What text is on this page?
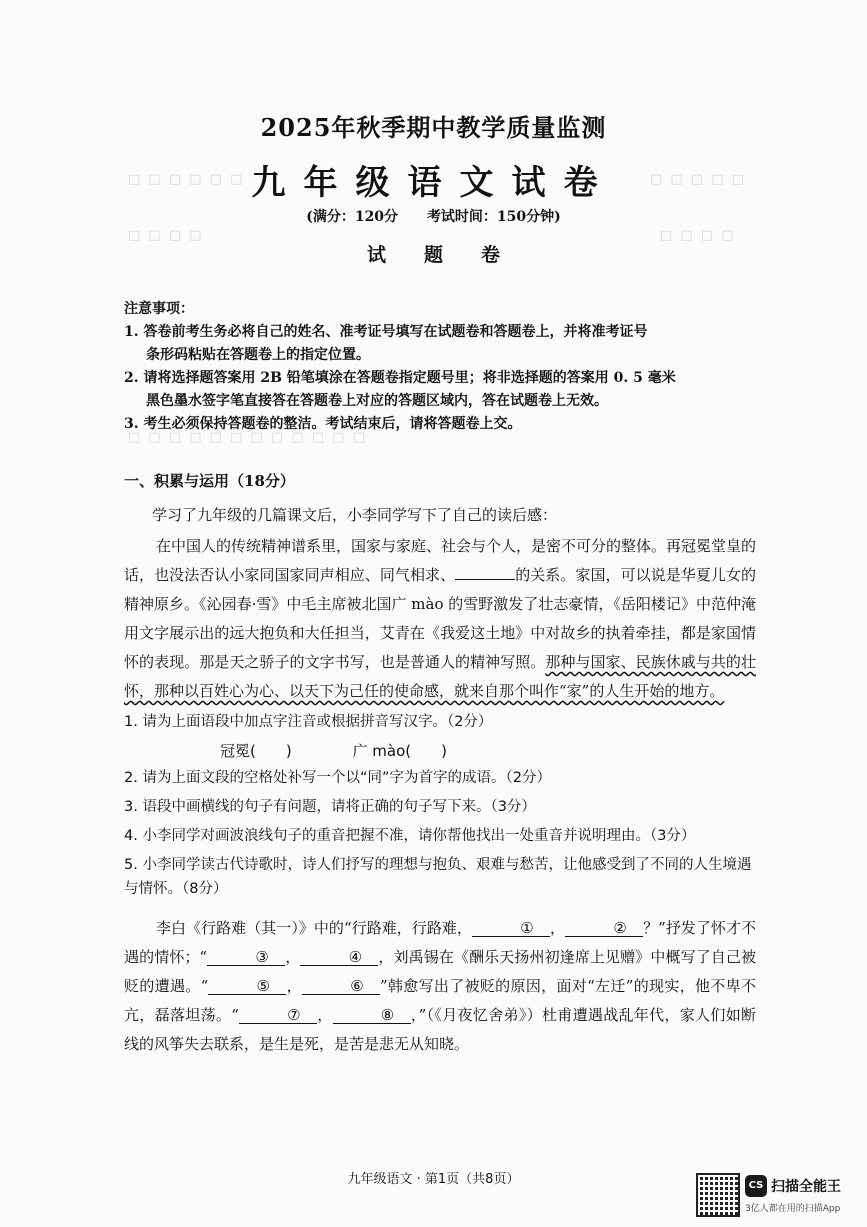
□ □ □ □ □ □	□ □ □ □ □
□ □ □ □	□ □ □ □
□ □ □ □ □ □ □ □ □ □ □ □
2025年秋季期中教学质量监测
九年级语文试卷
(满分：120分 考试时间：150分钟)
试题卷
注意事项：
1. 答卷前考生务必将自己的姓名、准考证号填写在试题卷和答题卷上，并将准考证号
条形码粘贴在答题卷上的指定位置。
2. 请将选择题答案用 2B 铅笔填涂在答题卷指定题号里；将非选择题的答案用 0. 5 毫米
黑色墨水签字笔直接答在答题卷上对应的答题区域内，答在试题卷上无效。
3. 考生必须保持答题卷的整洁。考试结束后，请将答题卷上交。
一、积累与运用（18分）
学习了九年级的几篇课文后，小李同学写下了自己的读后感：

在中国人的传统精神谱系里，国家与家庭、社会与个人，是密不可分的整体。再冠冕堂皇的话，也没法否认小家同国家同声相应、同气相求、	的关系。家国，可以说是华夏儿女的精神原乡。《沁园春·雪》中毛主席被北国广 mào 的雪野激发了壮志豪情，《岳阳楼记》中范仲淹用文字展示出的远大抱负和大任担当，艾青在《我爱这土地》中对故乡的执着牵挂，都是家国情怀的表现。那是天之骄子的文字书写，也是普通人的精神写照。那种与国家、民族休戚与共的壮怀，那种以百姓心为心、以天下为己任的使命感，就来自那个叫作“家”的人生开始的地方。

1. 请为上面语段中加点字注音或根据拼音写汉字。（2分）
冠冕(　　)	广 mào(　　)
2. 请为上面文段的空格处补写一个以“同”字为首字的成语。（2分）
3. 语段中画横线的句子有问题，请将正确的句子写下来。（3分）
4. 小李同学对画波浪线句子的重音把握不准，请你帮他找出一处重音并说明理由。（3分）
5. 小李同学读古代诗歌时，诗人们抒写的理想与抱负、艰难与愁苦，让他感受到了不同的人生境遇与情怀。（8分）

李白《行路难（其一）》中的“行路难，行路难，	① ，	② ？”抒发了怀才不遇的情怀；“	③ ，	④ ，刘禹锡在《酬乐天扬州初逢席上见赠》中概写了自己被贬的遭遇。“	⑤ ，	⑥ ”韩愈写出了被贬的原因，面对“左迁”的现实，他不卑不亢，磊落坦荡。“	⑦ ，	⑧ ，”（《月夜忆舍弟》）杜甫遭遇战乱年代，家人们如断线的风筝失去联系，是生是死，是苦是悲无从知晓。

九年级语文 · 第1页（共8页）	CS 扫描全能王
3亿人都在用的扫描App
